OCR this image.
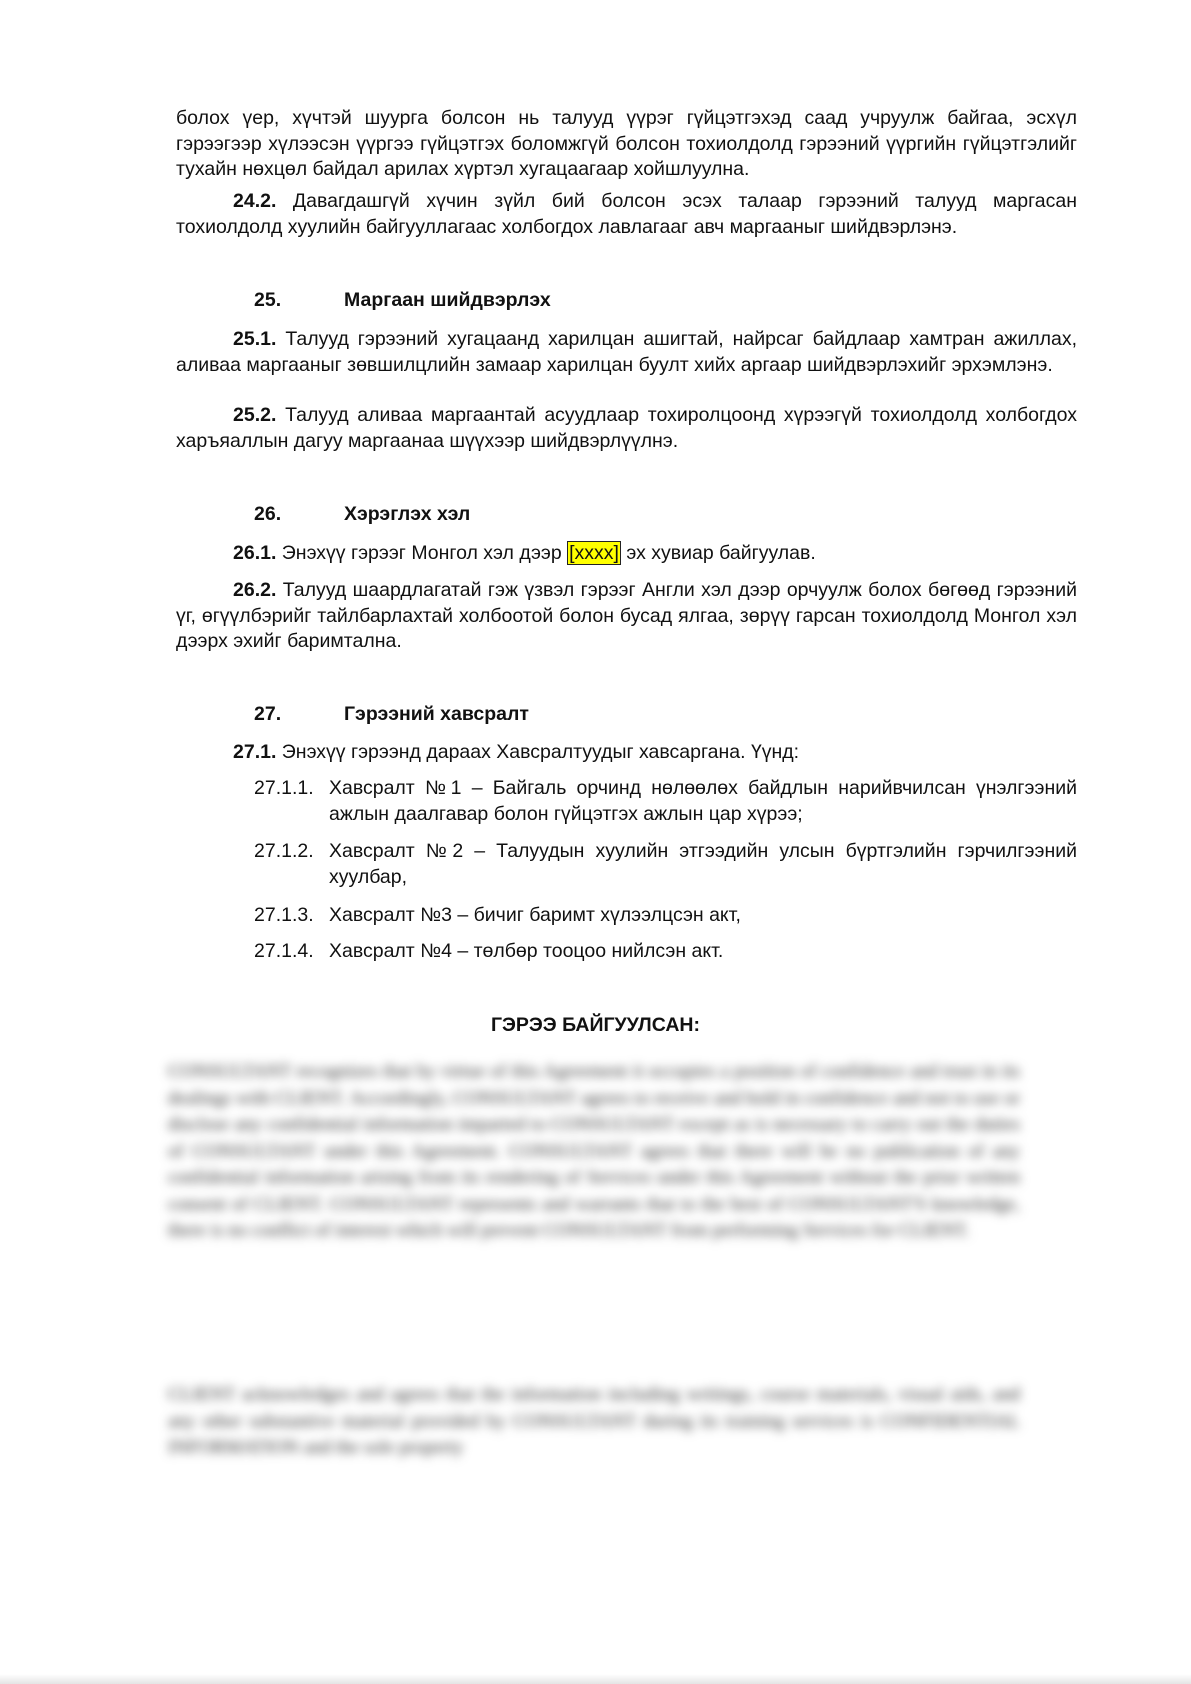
болох үер, хүчтэй шуурга болсон нь талууд үүрэг гүйцэтгэхэд саад учруулж байгаа, эсхүл гэрээгээр хүлээсэн үүргээ гүйцэтгэх боломжгүй болсон тохиолдолд гэрээний үүргийн гүйцэтгэлийг тухайн нөхцөл байдал арилах хүртэл хугацаагаар хойшлуулна.
24.2. Давагдашгүй хүчин зүйл бий болсон эсэх талаар гэрээний талууд маргасан тохиолдолд хуулийн байгууллагаас холбогдох лавлагааг авч маргааныг шийдвэрлэнэ.
25.	Маргаан шийдвэрлэх
25.1. Талууд гэрээний хугацаанд харилцан ашигтай, найрсаг байдлаар хамтран ажиллах, аливаа маргааныг зөвшилцлийн замаар харилцан буулт хийх аргаар шийдвэрлэхийг эрхэмлэнэ.
25.2. Талууд аливаа маргаантай асуудлаар тохиролцоонд хүрээгүй тохиолдолд холбогдох харъяаллын дагуу маргаанаа шүүхээр шийдвэрлүүлнэ.
26.	Хэрэглэх хэл
26.1. Энэхүү гэрээг Монгол хэл дээр [xxxx] эх хувиар байгуулав.
26.2. Талууд шаардлагатай гэж үзвэл гэрээг Англи хэл дээр орчуулж болох бөгөөд гэрээний үг, өгүүлбэрийг тайлбарлахтай холбоотой болон бусад ялгаа, зөрүү гарсан тохиолдолд Монгол хэл дээрх эхийг баримтална.
27.	Гэрээний хавсралт
27.1. Энэхүү гэрээнд дараах Хавсралтуудыг хавсаргана. Үүнд:
27.1.1. Хавсралт №1 – Байгаль орчинд нөлөөлөх байдлын нарийвчилсан үнэлгээний ажлын даалгавар болон гүйцэтгэх ажлын цар хүрээ;
27.1.2. Хавсралт №2 – Талуудын хуулийн этгээдийн улсын бүртгэлийн гэрчилгээний хуулбар,
27.1.3. Хавсралт №3 – бичиг баримт хүлээлцсэн акт,
27.1.4. Хавсралт №4 – төлбөр тооцоо нийлсэн акт.
ГЭРЭЭ БАЙГУУЛСАН:
CONSULTANT recognizes that by virtue of this Agreement it occupies a position of confidence and trust in its dealings with CLIENT. Accordingly, CONSULTANT agrees to receive and hold in confidence and not to use or disclose any confidential information imparted to CONSULTANT except as is necessary to carry out the duties of CONSULTANT under this Agreement. CONSULTANT agrees that there will be no publication of any confidential information arising from its rendering of Services under this Agreement without the prior written consent of CLIENT. CONSULTANT represents and warrants that to the best of CONSULTANT'S knowledge, there is no conflict of interest which will prevent CONSULTANT from performing Services for CLIENT.
CLIENT acknowledges and agrees that the information including writings, course materials, visual aids, and any other substantive material provided by CONSULTANT during its training services is CONFIDENTIAL INFORMATION and the sole property
